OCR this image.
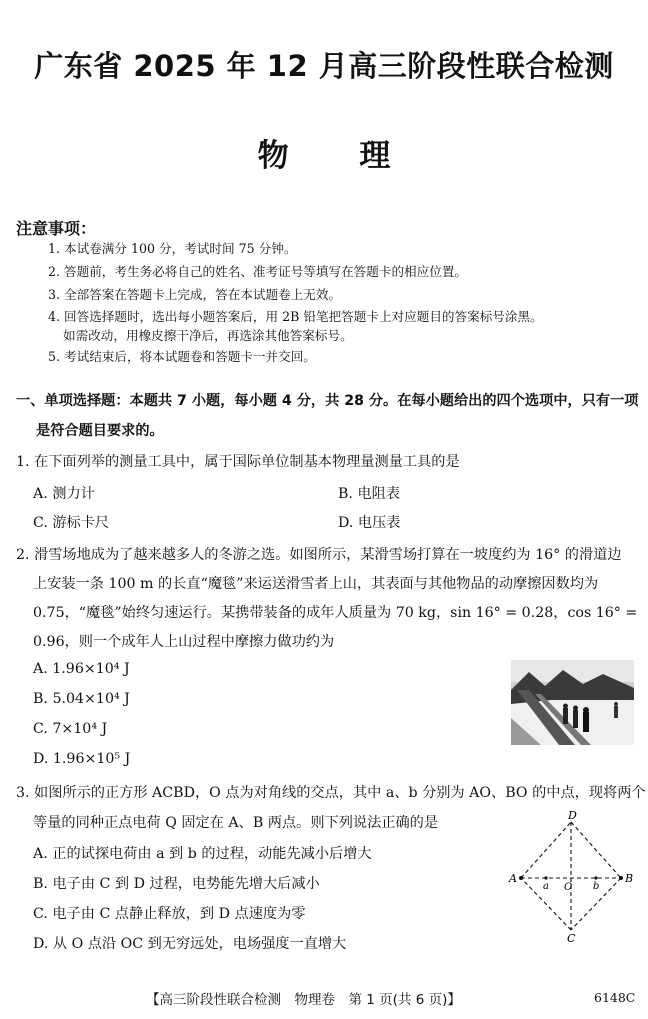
广东省 2025 年 12 月高三阶段性联合检测
物 理
注意事项：
1. 本试卷满分 100 分，考试时间 75 分钟。
2. 答题前，考生务必将自己的姓名、准考证号等填写在答题卡的相应位置。
3. 全部答案在答题卡上完成，答在本试题卷上无效。
4. 回答选择题时，选出每小题答案后，用 2B 铅笔把答题卡上对应题目的答案标号涂黑。
如需改动，用橡皮擦干净后，再选涂其他答案标号。
5. 考试结束后，将本试题卷和答题卡一并交回。
一、单项选择题：本题共 7 小题，每小题 4 分，共 28 分。在每小题给出的四个选项中，只有一项
是符合题目要求的。
1. 在下面列举的测量工具中，属于国际单位制基本物理量测量工具的是
A. 测力计	B. 电阻表
C. 游标卡尺	D. 电压表
2. 滑雪场地成为了越来越多人的冬游之选。如图所示，某滑雪场打算在一坡度约为 16° 的滑道边
上安装一条 100 m 的长直“魔毯”来运送滑雪者上山，其表面与其他物品的动摩擦因数均为
0.75，“魔毯”始终匀速运行。某携带装备的成年人质量为 70 kg，sin 16° = 0.28，cos 16° =
0.96，则一个成年人上山过程中摩擦力做功约为
A. 1.96×10⁴ J
B. 5.04×10⁴ J
C. 7×10⁴ J
D. 1.96×10⁵ J
3. 如图所示的正方形 ACBD，O 点为对角线的交点，其中 a、b 分别为 AO、BO 的中点，现将两个
等量的同种正点电荷 Q 固定在 A、B 两点。则下列说法正确的是
A. 正的试探电荷由 a 到 b 的过程，动能先减小后增大
B. 电子由 C 到 D 过程，电势能先增大后减小
C. 电子由 C 点静止释放，到 D 点速度为零
D. 从 O 点沿 OC 到无穷远处，电场强度一直增大
D
A	B
C
O
a	b
【高三阶段性联合检测　物理卷　第 1 页(共 6 页)】	6148C
